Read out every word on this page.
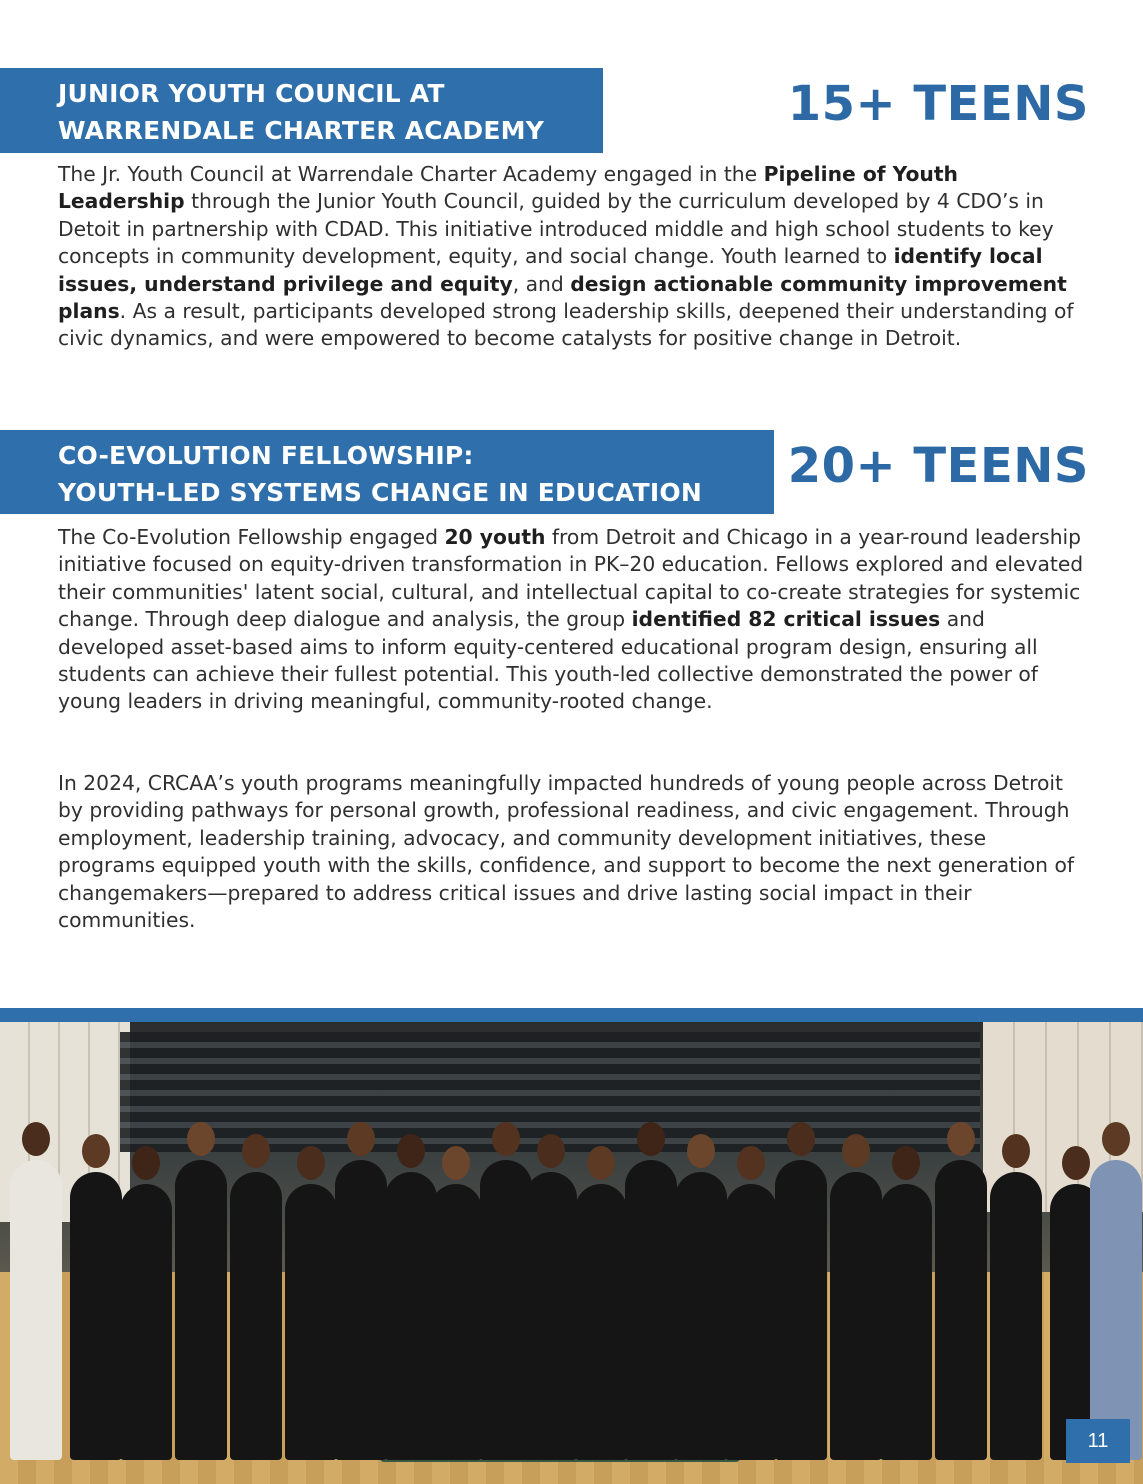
JUNIOR YOUTH COUNCIL AT
WARRENDALE CHARTER ACADEMY	15+ TEENS
The Jr. Youth Council at Warrendale Charter Academy engaged in the Pipeline of Youth Leadership through the Junior Youth Council, guided by the curriculum developed by 4 CDO’s in Detoit in partnership with CDAD. This initiative introduced middle and high school students to key concepts in community development, equity, and social change. Youth learned to identify local issues, understand privilege and equity, and design actionable community improvement plans. As a result, participants developed strong leadership skills, deepened their understanding of civic dynamics, and were empowered to become catalysts for positive change in Detroit.
CO-EVOLUTION FELLOWSHIP:
YOUTH-LED SYSTEMS CHANGE IN EDUCATION	20+ TEENS
The Co-Evolution Fellowship engaged 20 youth from Detroit and Chicago in a year-round leadership initiative focused on equity-driven transformation in PK–20 education. Fellows explored and elevated their communities' latent social, cultural, and intellectual capital to co-create strategies for systemic change. Through deep dialogue and analysis, the group identified 82 critical issues and developed asset-based aims to inform equity-centered educational program design, ensuring all students can achieve their fullest potential. This youth-led collective demonstrated the power of young leaders in driving meaningful, community-rooted change.
In 2024, CRCAA’s youth programs meaningfully impacted hundreds of young people across Detroit by providing pathways for personal growth, professional readiness, and civic engagement. Through employment, leadership training, advocacy, and community development initiatives, these programs equipped youth with the skills, confidence, and support to become the next generation of changemakers—prepared to address critical issues and drive lasting social impact in their communities.
11
